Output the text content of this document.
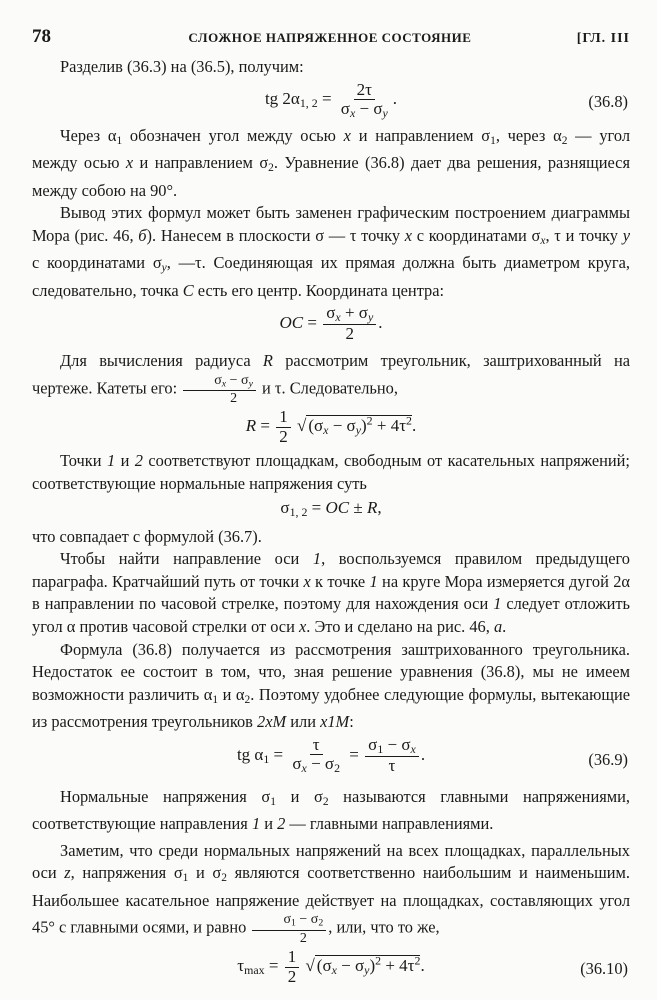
78	СЛОЖНОЕ НАПРЯЖЕННОЕ СОСТОЯНИЕ	[ГЛ. III

Разделив (36.3) на (36.5), получим:

tg $2\alpha_{1, 2} = \frac{2\tau}{\sigma_x - \sigma_y}$ .	(36.8)

Через $\alpha_1$ обозначен угол между осью x и направлением $\sigma_1$, через $\alpha_2$ — угол между осью x и направлением $\sigma_2$. Уравнение (36.8) дает два решения, разнящиеся между собою на 90°.

Вывод этих формул может быть заменен графическим построением диаграммы Мора (рис. 46, б). Нанесем в плоскости σ — τ точку x с координатами $\sigma_x$, τ и точку y с координатами $\sigma_y$, —τ. Соединяющая их прямая должна быть диаметром круга, следовательно, точка C есть его центр. Координата центра:

OC = $\frac{\sigma_x + \sigma_y}{2}$ .

Для вычисления радиуса R рассмотрим треугольник, заштрихованный на чертеже. Катеты его: $\frac{\sigma_x - \sigma_y}{2}$ и τ. Следовательно,

$R = \frac{1}{2}$ √ $(\sigma_x - \sigma_y)^2 + 4\tau^2$.

Точки 1 и 2 соответствуют площадкам, свободным от касательных напряжений; соответствующие нормальные напряжения суть

$\sigma_{1, 2}$ = OC ± R,

что совпадает с формулой (36.7).

Чтобы найти направление оси 1, воспользуемся правилом предыдущего параграфа. Кратчайший путь от точки x к точке 1 на круге Мора измеряется дугой 2α в направлении по часовой стрелке, поэтому для нахождения оси 1 следует отложить угол α против часовой стрелки от оси x. Это и сделано на рис. 46, а.

Формула (36.8) получается из рассмотрения заштрихованного треугольника. Недостаток ее состоит в том, что, зная решение уравнения (36.8), мы не имеем возможности различить $\alpha_1$ и $\alpha_2$. Поэтому удобнее следующие формулы, вытекающие из рассмотрения треугольников 2xM или x1M:

tg $\alpha_1 = \frac{\tau}{\sigma_x - \sigma_2} = \frac{\sigma_1 - \sigma_x}{\tau}$ .	(36.9)

Нормальные напряжения $\sigma_1$ и $\sigma_2$ называются главными напряжениями, соответствующие направления 1 и 2 — главными направлениями.

Заметим, что среди нормальных напряжений на всех площадках, параллельных оси z, напряжения $\sigma_1$ и $\sigma_2$ являются соответственно наибольшим и наименьшим. Наибольшее касательное напряжение действует на площадках, составляющих угол 45° с главными осями, и равно $\frac{\sigma_1 - \sigma_2}{2}$ , или, что то же,

$\tau_{max} = \frac{1}{2}$ √ $(\sigma_x - \sigma_y)^2 + 4\tau^2$.	(36.10)
